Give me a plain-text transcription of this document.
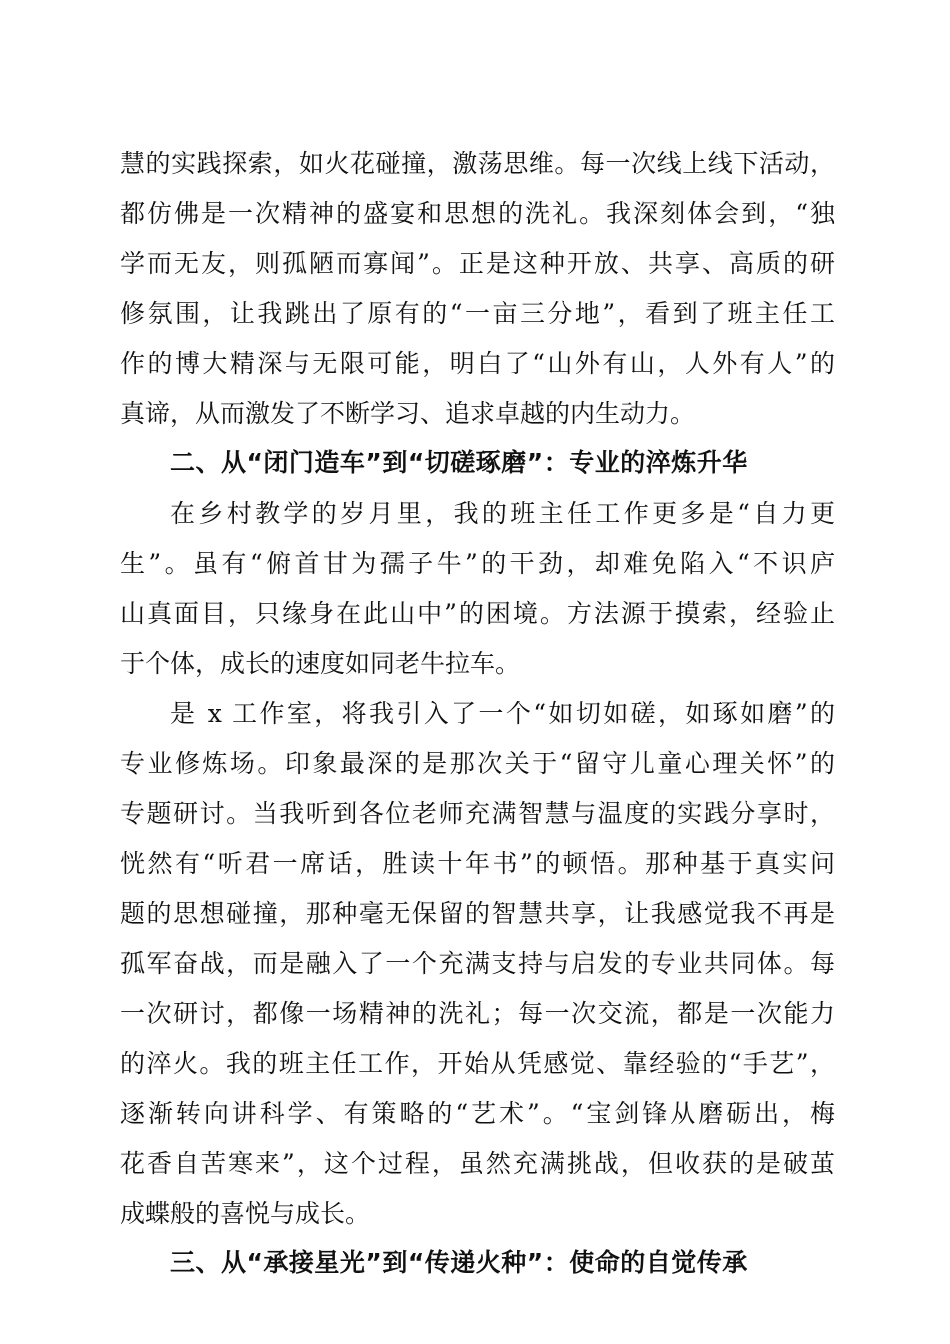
慧的实践探索，如火花碰撞，激荡思维。每一次线上线下活动，
都仿佛是一次精神的盛宴和思想的洗礼。我深刻体会到，“独
学而无友，则孤陋而寡闻”。正是这种开放、共享、高质的研
修氛围，让我跳出了原有的“一亩三分地”，看到了班主任工
作的博大精深与无限可能，明白了“山外有山，人外有人”的
真谛，从而激发了不断学习、追求卓越的内生动力。
二、从“闭门造车”到“切磋琢磨”：专业的淬炼升华
在乡村教学的岁月里，我的班主任工作更多是“自力更
生”。虽有“俯首甘为孺子牛”的干劲，却难免陷入“不识庐
山真面目，只缘身在此山中”的困境。方法源于摸索，经验止
于个体，成长的速度如同老牛拉车。
是 x 工作室，将我引入了一个“如切如磋，如琢如磨”的
专业修炼场。印象最深的是那次关于“留守儿童心理关怀”的
专题研讨。当我听到各位老师充满智慧与温度的实践分享时，
恍然有“听君一席话，胜读十年书”的顿悟。那种基于真实问
题的思想碰撞，那种毫无保留的智慧共享，让我感觉我不再是
孤军奋战，而是融入了一个充满支持与启发的专业共同体。每
一次研讨，都像一场精神的洗礼；每一次交流，都是一次能力
的淬火。我的班主任工作，开始从凭感觉、靠经验的“手艺”，
逐渐转向讲科学、有策略的“艺术”。“宝剑锋从磨砺出，梅
花香自苦寒来”，这个过程，虽然充满挑战，但收获的是破茧
成蝶般的喜悦与成长。
三、从“承接星光”到“传递火种”：使命的自觉传承
